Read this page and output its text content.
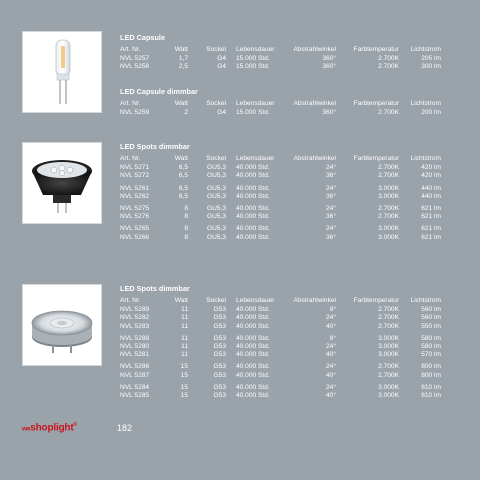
LED Capsule
Art. Nr.	Watt	Sockel	Lebensdauer	Abstrahlwinkel	Farbtemperatur	Lichtstrom
NVL 5257	1,7	G4	15.000 Std.	360°	2.700K	205 lm
NVL 5258	2,5	G4	15.000 Std.	360°	2.700K	300 lm
LED Capsule dimmbar
Art. Nr.	Watt	Sockel	Lebensdauer	Abstrahlwinkel	Farbtemperatur	Lichtstrom
NVL 5259	2	G4	15.000 Std.	360°	2.700K	200 lm
LED Spots dimmbar
Art. Nr.	Watt	Sockel	Lebensdauer	Abstrahlwinkel	Farbtemperatur	Lichtstrom
NVL 5271	6,5	GU5,3	40.000 Std.	24°	2.700K	420 lm
NVL 5272	6,5	GU5,3	40.000 Std.	36°	2.700K	420 lm
NVL 5261	6,5	GU5,3	40.000 Std.	24°	3.000K	440 lm
NVL 5262	6,5	GU5,3	40.000 Std.	36°	3.000K	440 lm
NVL 5275	8	GU5,3	40.000 Std.	24°	2.700K	621 lm
NVL 5276	8	GU5,3	40.000 Std.	36°	2.700K	621 lm
NVL 5265	8	GU5,3	40.000 Std.	24°	3.000K	621 lm
NVL 5266	8	GU5,3	40.000 Std.	36°	3.000K	621 lm
LED Spots dimmbar
Art. Nr.	Watt	Sockel	Lebensdauer	Abstrahlwinkel	Farbtemperatur	Lichtstrom
NVL 5289	11	G53	40.000 Std.	8°	2.700K	560 lm
NVL 5282	11	G53	40.000 Std.	24°	2.700K	560 lm
NVL 5283	11	G53	40.000 Std.	40°	2.700K	550 lm
NVL 5288	11	G53	40.000 Std.	8°	3.000K	580 lm
NVL 5280	11	G53	40.000 Std.	24°	3.000K	580 lm
NVL 5281	11	G53	40.000 Std.	40°	3.000K	570 lm
NVL 5286	15	G53	40.000 Std.	24°	2.700K	800 lm
NVL 5287	15	G53	40.000 Std.	40°	2.700K	800 lm
NVL 5284	15	G53	40.000 Std.	24°	3.000K	810 lm
NVL 5285	15	G53	40.000 Std.	40°	3.000K	810 lm
weshoplight®	182
